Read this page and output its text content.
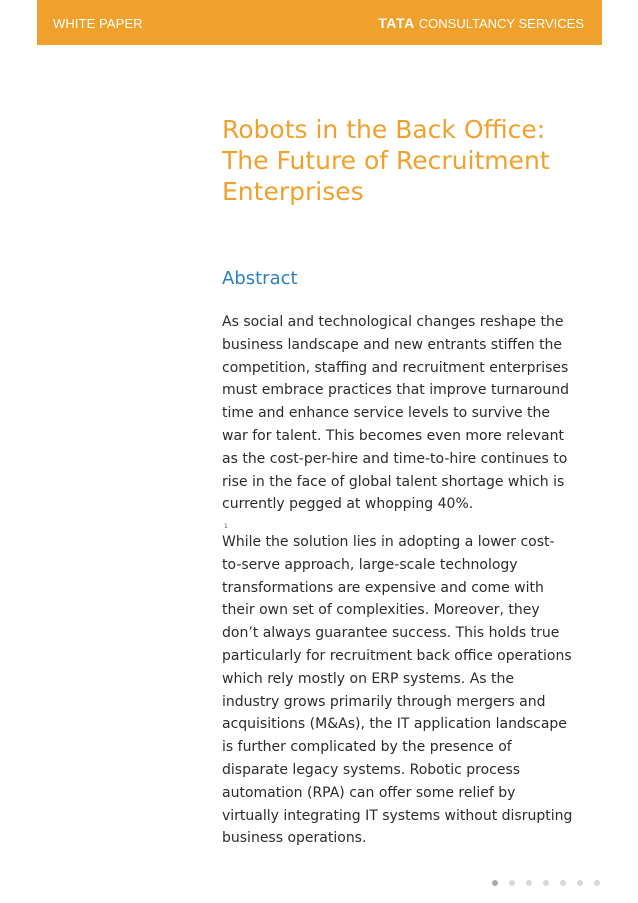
WHITE PAPER	TATA CONSULTANCY SERVICES
Robots in the Back Office:
The Future of Recruitment
Enterprises
Abstract

As social and technological changes reshape the
business landscape and new entrants stiffen the
competition, staffing and recruitment enterprises
must embrace practices that improve turnaround
time and enhance service levels to survive the
war for talent. This becomes even more relevant
as the cost-per-hire and time-to-hire continues to
rise in the face of global talent shortage which is
currently pegged at whopping 40%.
$^1$

While the solution lies in adopting a lower cost-
to-serve approach, large-scale technology
transformations are expensive and come with
their own set of complexities. Moreover, they
don’t always guarantee success. This holds true
particularly for recruitment back office operations
which rely mostly on ERP systems. As the
industry grows primarily through mergers and
acquisitions (M&As), the IT application landscape
is further complicated by the presence of
disparate legacy systems. Robotic process
automation (RPA) can offer some relief by
virtually integrating IT systems without disrupting
business operations.
